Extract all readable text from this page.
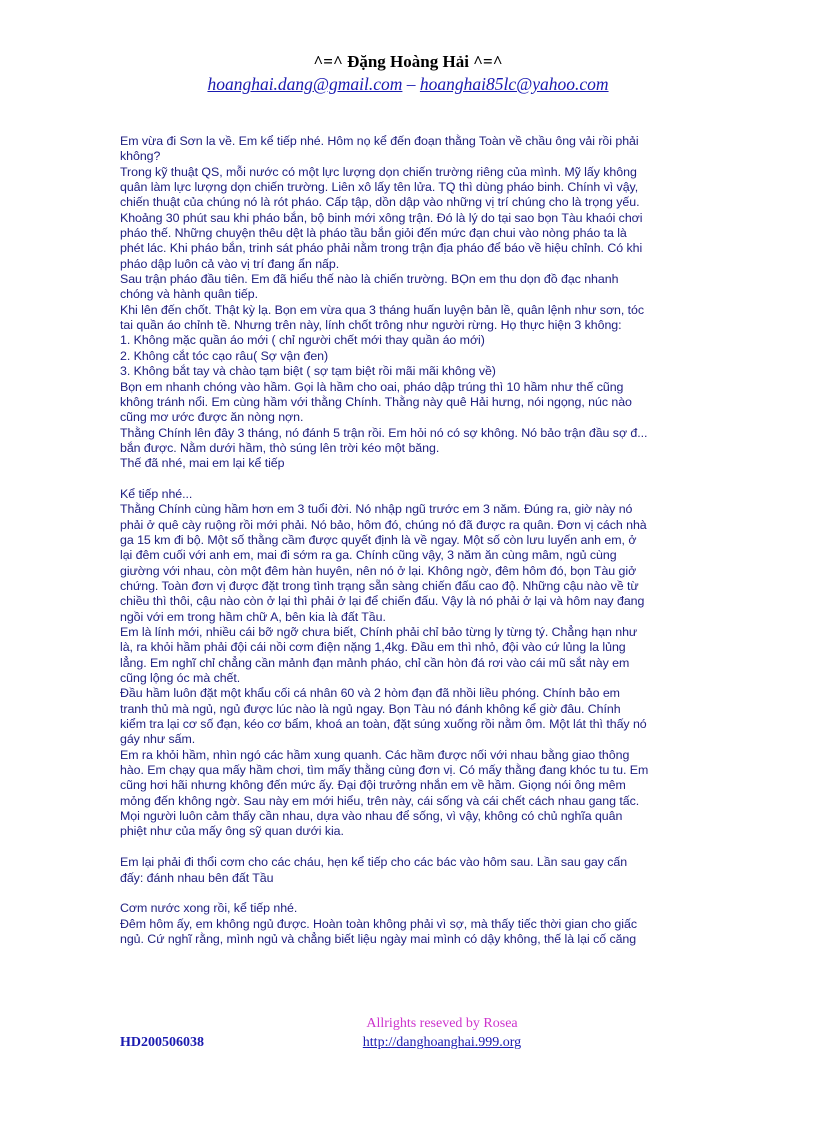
^=^ Đặng Hoàng Hải ^=^
hoanghai.dang@gmail.com – hoanghai85lc@yahoo.com

Em vừa đi Sơn la về. Em kể tiếp nhé. Hôm nọ kể đến đoạn thằng Toàn về chầu ông vải rồi phải

không?

Trong kỹ thuật QS, mỗi nước có một lực lượng dọn chiến trường riêng của mình. Mỹ lấy không

quân làm lực lượng dọn chiến trường. Liên xô lấy tên lửa. TQ thì dùng pháo binh. Chính vì vậy,

chiến thuật của chúng nó là rót pháo. Cấp tập, dồn dập vào những vị trí chúng cho là trọng yếu.

Khoảng 30 phút sau khi pháo bắn, bộ binh mới xông trận. Đó là lý do tại sao bọn Tàu khaói chơi

pháo thế. Những chuyện thêu dệt là pháo tầu bắn giỏi đến mức đạn chui vào nòng pháo ta là

phét lác. Khi pháo bắn, trinh sát pháo phải nằm trong trận địa pháo để báo về hiệu chỉnh. Có khi

pháo dập luôn cả vào vị trí đang ẩn nấp.

Sau trận pháo đầu tiên. Em đã hiểu thế nào là chiến trường. BỌn em thu dọn đồ đạc nhanh

chóng và hành quân tiếp.

Khi lên đến chốt. Thật kỳ lạ. Bọn em vừa qua 3 tháng huấn luyện bản lề, quân lệnh như sơn, tóc

tai quần áo chỉnh tề. Nhưng trên này, lính chốt trông như người rừng. Họ thực hiện 3 không:

1. Không mặc quần áo mới ( chỉ người chết mới thay quần áo mới)

2. Không cắt tóc cạo râu( Sợ vận đen)

3. Không bắt tay và chào tạm biệt ( sợ tạm biệt rồi mãi mãi không về)

Bọn em nhanh chóng vào hầm. Gọi là hầm cho oai, pháo dập trúng thì 10 hầm như thế cũng

không tránh nổi. Em cùng hầm với thằng Chính. Thằng này quê Hải hưng, nói ngọng, núc nào

cũng mơ ước được ăn nòng nợn.

Thằng Chính lên đây 3 tháng, nó đánh 5 trận rồi. Em hỏi nó có sợ không. Nó bảo trận đầu sợ đ...

bắn được. Nằm dưới hầm, thò súng lên trời kéo một băng.

Thế đã nhé, mai em lại kể tiếp

Kể tiếp nhé...

Thằng Chính cùng hầm hơn em 3 tuổi đời. Nó nhập ngũ trước em 3 năm. Đúng ra, giờ này nó

phải ở quê cày ruộng rồi mới phải. Nó bảo, hôm đó, chúng nó đã được ra quân. Đơn vị cách nhà

ga 15 km đi bộ. Một số thằng cầm được quyết định là về ngay. Một số còn lưu luyến anh em, ở

lại đêm cuối với anh em, mai đi sớm ra ga. Chính cũng vậy, 3 năm ăn cùng mâm, ngủ cùng

giường với nhau, còn một đêm hàn huyên, nên nó ở lại. Không ngờ, đêm hôm đó, bọn Tàu giở

chứng. Toàn đơn vị được đặt trong tình trạng sẵn sàng chiến đấu cao độ. Những cậu nào về từ

chiều thì thôi, cậu nào còn ở lại thì phải ở lại để chiến đấu. Vậy là nó phải ở lại và hôm nay đang

ngồi với em trong hầm chữ A, bên kia là đất Tầu.

Em là lính mới, nhiều cái bỡ ngỡ chưa biết, Chính phải chỉ bảo từng ly từng tý. Chẳng hạn như

là, ra khỏi hầm phải đội cái nồi cơm điện nặng 1,4kg. Đầu em thì nhỏ, đội vào cứ lủng la lủng

lẳng. Em nghĩ chỉ chẳng cần mảnh đạn mảnh pháo, chỉ cần hòn đá rơi vào cái mũ sắt này em

cũng lộng óc mà chết.

Đầu hầm luôn đặt một khẩu cối cá nhân 60 và 2 hòm đạn đã nhồi liều phóng. Chính bảo em

tranh thủ mà ngủ, ngủ được lúc nào là ngủ ngay. Bọn Tàu nó đánh không kể giờ đâu. Chính

kiểm tra lại cơ số đạn, kéo cơ bẩm, khoá an toàn, đặt súng xuống rồi nằm ôm. Một lát thì thấy nó

gáy như sấm.

Em ra khỏi hầm, nhìn ngó các hầm xung quanh. Các hầm được nối với nhau bằng giao thông

hào. Em chạy qua mấy hầm chơi, tìm mấy thằng cùng đơn vị. Có mấy thằng đang khóc tu tu. Em

cũng hơi hãi nhưng không đến mức ấy. Đại đội trưởng nhắn em về hầm. Giọng nói ông mêm

mỏng đến không ngờ. Sau này em mới hiểu, trên này, cái sống và cái chết cách nhau gang tấc.

Mọi người luôn cảm thấy cần nhau, dựa vào nhau để sống, vì vậy, không có chủ nghĩa quân

phiệt như của mấy ông sỹ quan dưới kia.

Em lại phải đi thổi cơm cho các cháu, hẹn kể tiếp cho các bác vào hôm sau. Lần sau gay cấn

đấy: đánh nhau bên đất Tầu

Cơm nước xong rồi, kể tiếp nhé.

Đêm hôm ấy, em không ngủ được. Hoàn toàn không phải vì sợ, mà thấy tiếc thời gian cho giấc

ngủ. Cứ nghĩ rằng, mình ngủ và chẳng biết liệu ngày mai mình có dậy không, thế là lại cố căng

Allrights reseved by Rosea
HD200506038	http://danghoanghai.999.org
